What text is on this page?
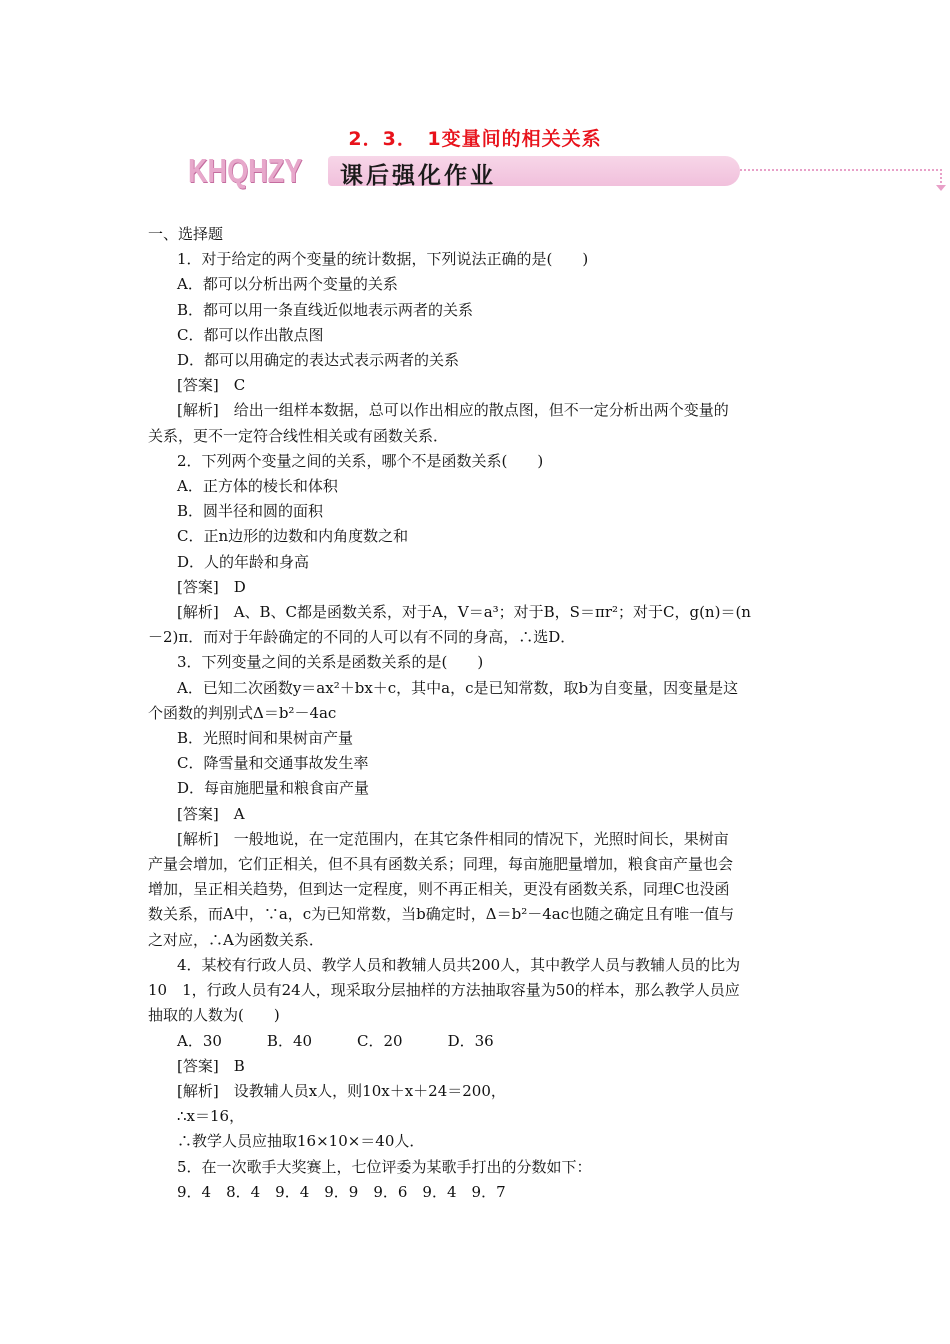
2．3．　1变量间的相关关系
KHQHZY 课后强化作业
一、选择题
1．对于给定的两个变量的统计数据，下列说法正确的是(　　)
A．都可以分析出两个变量的关系
B．都可以用一条直线近似地表示两者的关系
C．都可以作出散点图
D．都可以用确定的表达式表示两者的关系
[答案]　C
[解析]　给出一组样本数据，总可以作出相应的散点图，但不一定分析出两个变量的
关系，更不一定符合线性相关或有函数关系．
2．下列两个变量之间的关系，哪个不是函数关系(　　)
A．正方体的棱长和体积
B．圆半径和圆的面积
C．正n边形的边数和内角度数之和
D．人的年龄和身高
[答案]　D
[解析]　A、B、C都是函数关系，对于A，V＝a³；对于B，S＝πr²；对于C，g(n)＝(n
－2)π．而对于年龄确定的不同的人可以有不同的身高，∴选D．
3．下列变量之间的关系是函数关系的是(　　)
A．已知二次函数y＝ax²＋bx＋c，其中a，c是已知常数，取b为自变量，因变量是这
个函数的判别式Δ＝b²－4ac
B．光照时间和果树亩产量
C．降雪量和交通事故发生率
D．每亩施肥量和粮食亩产量
[答案]　A
[解析]　一般地说，在一定范围内，在其它条件相同的情况下，光照时间长，果树亩
产量会增加，它们正相关，但不具有函数关系；同理，每亩施肥量增加，粮食亩产量也会
增加，呈正相关趋势，但到达一定程度，则不再正相关，更没有函数关系，同理C也没函
数关系，而A中，∵a，c为已知常数，当b确定时，Δ＝b²－4ac也随之确定且有唯一值与
之对应，∴A为函数关系．
4．某校有行政人员、教学人员和教辅人员共200人，其中教学人员与教辅人员的比为
10　1，行政人员有24人，现采取分层抽样的方法抽取容量为50的样本，那么教学人员应
抽取的人数为(　　)
A．30　　　B．40　　　C．20　　　D．36
[答案]　B
[解析]　设教辅人员x人，则10x＋x＋24＝200，
∴x＝16，
∴教学人员应抽取16×10×＝40人．
5．在一次歌手大奖赛上，七位评委为某歌手打出的分数如下：
9．4　8．4　9．4　9．9　9．6　9．4　9．7
